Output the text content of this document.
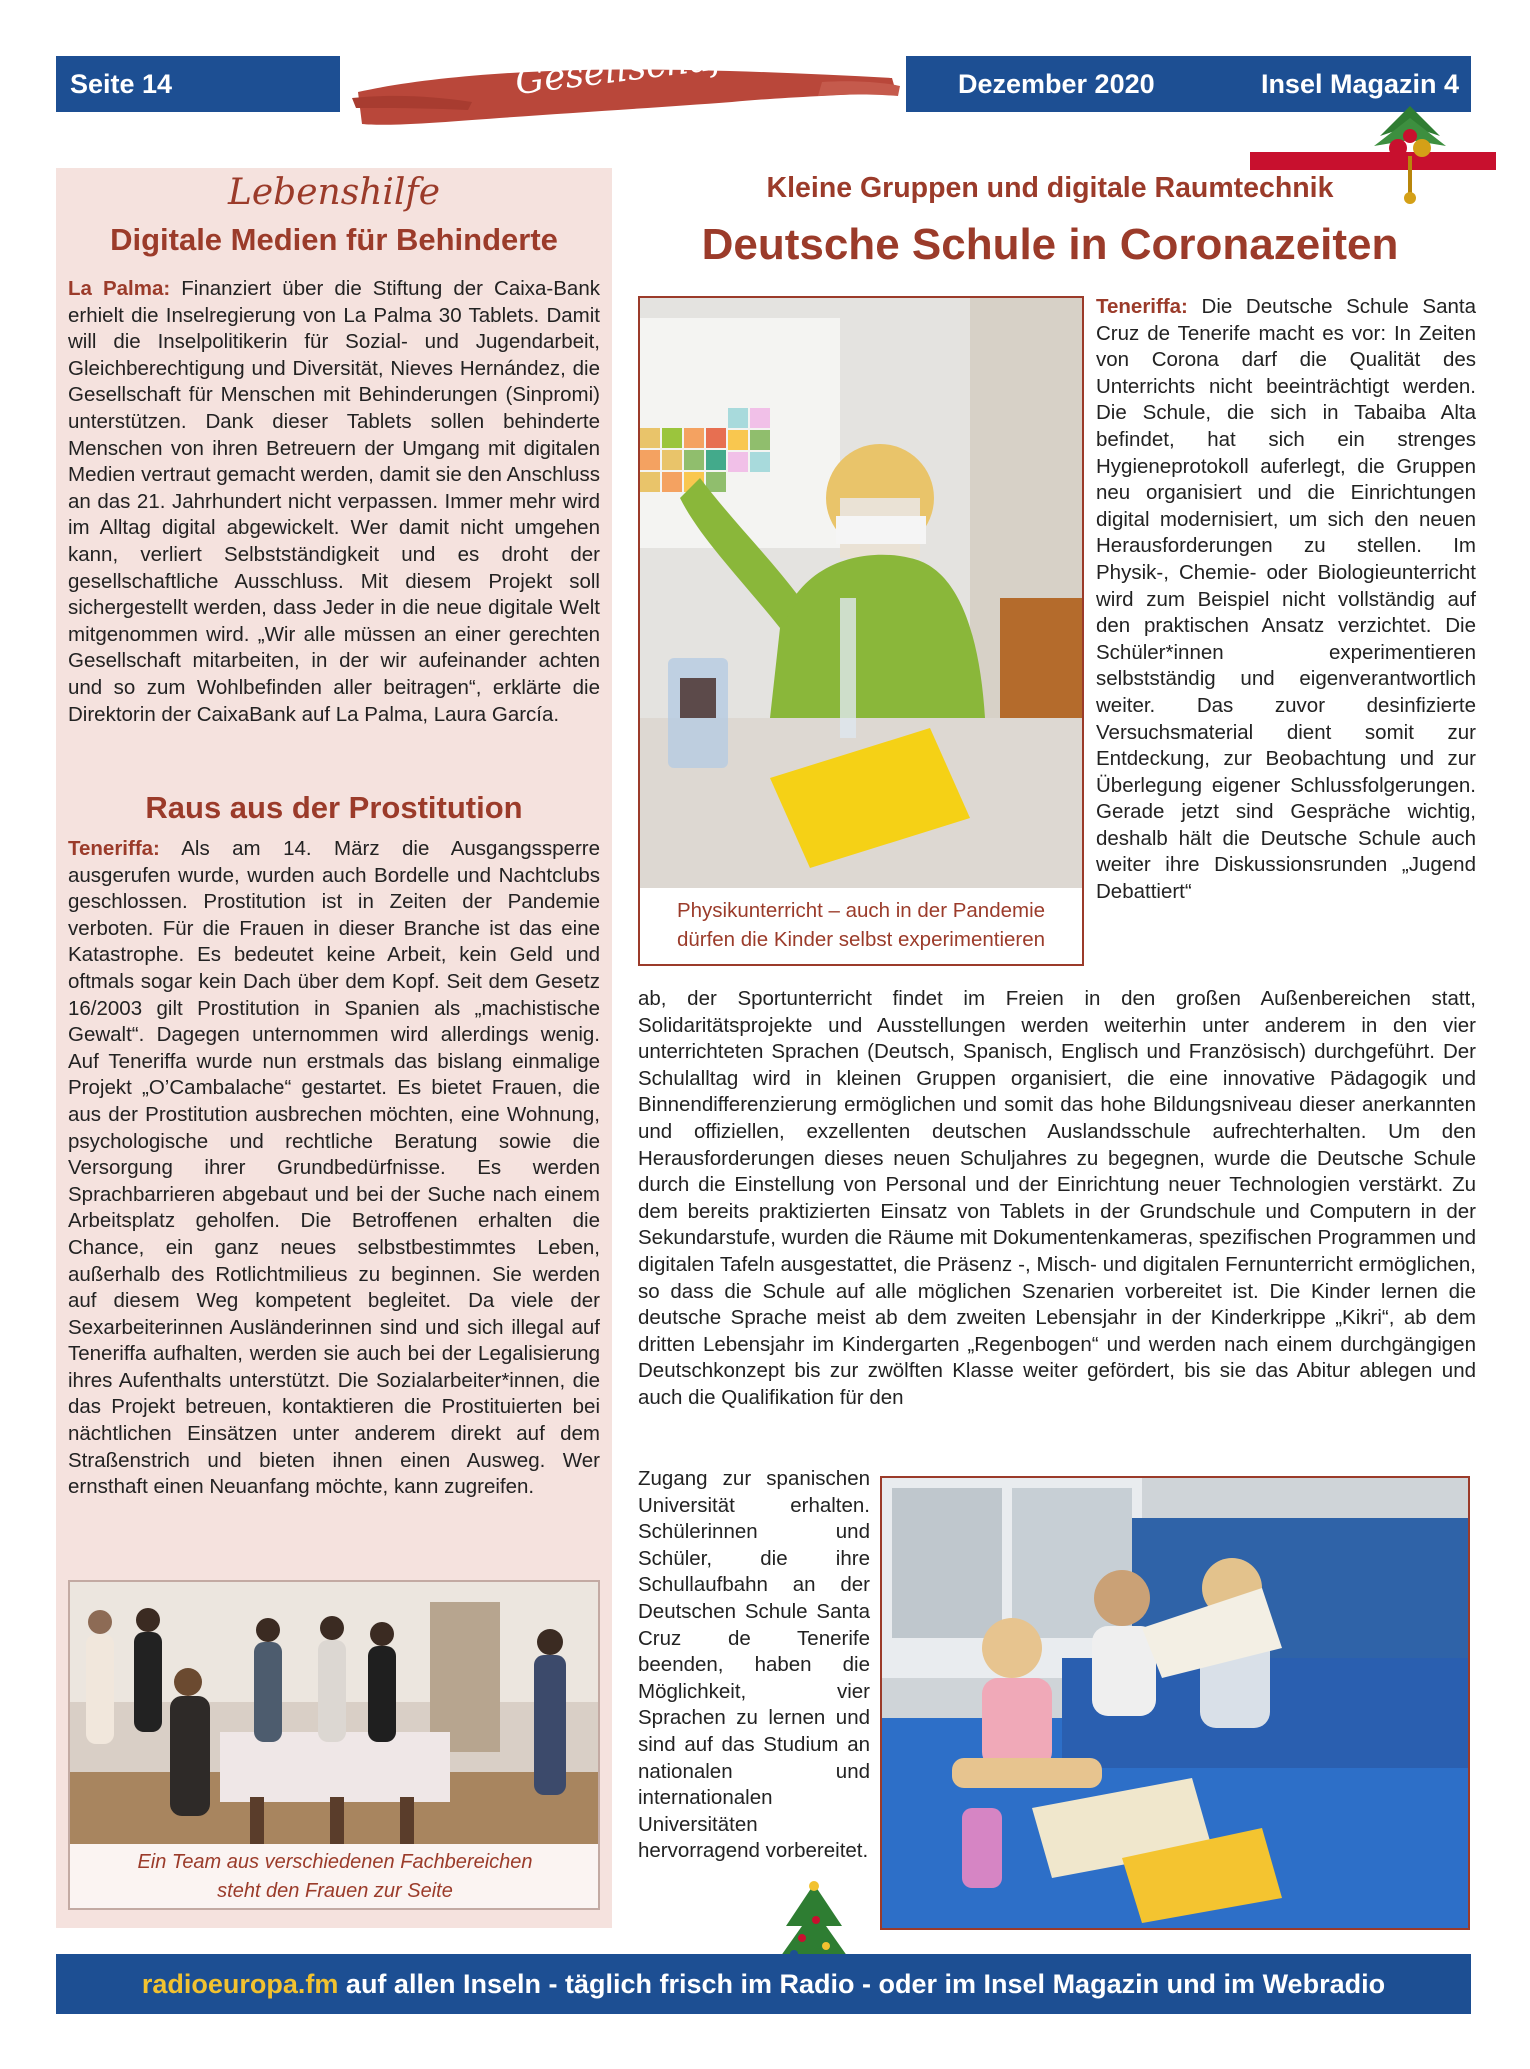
Seite 14	Gesellschaft	Dezember 2020	Insel Magazin 4
Lebenshilfe
Digitale Medien für Behinderte
La Palma: Finanziert über die Stiftung der Caixa-Bank erhielt die Inselregierung von La Palma 30 Tablets. Damit will die Inselpolitikerin für Sozial- und Jugendarbeit, Gleichberechtigung und Diversität, Nieves Hernández, die Gesellschaft für Menschen mit Behinderungen (Sinpromi) unterstützen. Dank dieser Tablets sollen behinderte Menschen von ihren Betreuern der Umgang mit digitalen Medien vertraut gemacht werden, damit sie den Anschluss an das 21. Jahrhundert nicht verpassen. Immer mehr wird im Alltag digital abgewickelt. Wer damit nicht umgehen kann, verliert Selbstständigkeit und es droht der gesellschaftliche Ausschluss. Mit diesem Projekt soll sichergestellt werden, dass Jeder in die neue digitale Welt mitgenommen wird. „Wir alle müssen an einer gerechten Gesellschaft mitarbeiten, in der wir aufeinander achten und so zum Wohlbefinden aller beitragen“, erklärte die Direktorin der CaixaBank auf La Palma, Laura García.
Raus aus der Prostitution
Teneriffa: Als am 14. März die Ausgangssperre ausgerufen wurde, wurden auch Bordelle und Nachtclubs geschlossen. Prostitution ist in Zeiten der Pandemie verboten. Für die Frauen in dieser Branche ist das eine Katastrophe. Es bedeutet keine Arbeit, kein Geld und oftmals sogar kein Dach über dem Kopf. Seit dem Gesetz 16/2003 gilt Prostitution in Spanien als „machistische Gewalt“. Dagegen unternommen wird allerdings wenig. Auf Teneriffa wurde nun erstmals das bislang einmalige Projekt „O’Cambalache“ gestartet. Es bietet Frauen, die aus der Prostitution ausbrechen möchten, eine Wohnung, psychologische und rechtliche Beratung sowie die Versorgung ihrer Grundbedürfnisse. Es werden Sprachbarrieren abgebaut und bei der Suche nach einem Arbeitsplatz geholfen. Die Betroffenen erhalten die Chance, ein ganz neues selbstbestimmtes Leben, außerhalb des Rotlichtmilieus zu beginnen. Sie werden auf diesem Weg kompetent begleitet. Da viele der Sexarbeiterinnen Ausländerinnen sind und sich illegal auf Teneriffa aufhalten, werden sie auch bei der Legalisierung ihres Aufenthalts unterstützt. Die Sozialarbeiter*innen, die das Projekt betreuen, kontaktieren die Prostituierten bei nächtlichen Einsätzen unter anderem direkt auf dem Straßenstrich und bieten ihnen einen Ausweg. Wer ernsthaft einen Neuanfang möchte, kann zugreifen.
Ein Team aus verschiedenen Fachbereichen
steht den Frauen zur Seite
Kleine Gruppen und digitale Raumtechnik
Deutsche Schule in Coronazeiten
Physikunterricht – auch in der Pandemie
dürfen die Kinder selbst experimentieren
Teneriffa: Die Deutsche Schule Santa Cruz de Tenerife macht es vor: In Zeiten von Corona darf die Qualität des Unterrichts nicht beeinträchtigt werden. Die Schule, die sich in Tabaiba Alta befindet, hat sich ein strenges Hygieneprotokoll auferlegt, die Gruppen neu organisiert und die Einrichtungen digital modernisiert, um sich den neuen Herausforderungen zu stellen. Im Physik-, Chemie- oder Biologieunterricht wird zum Beispiel nicht vollständig auf den praktischen Ansatz verzichtet. Die Schüler*innen experimentieren selbstständig und eigenverantwortlich weiter. Das zuvor desinfizierte Versuchsmaterial dient somit zur Entdeckung, zur Beobachtung und zur Überlegung eigener Schlussfolgerungen. Gerade jetzt sind Gespräche wichtig, deshalb hält die Deutsche Schule auch weiter ihre Diskussionsrunden „Jugend Debattiert“
ab, der Sportunterricht findet im Freien in den großen Außenbereichen statt, Solidaritätsprojekte und Ausstellungen werden weiterhin unter anderem in den vier unterrichteten Sprachen (Deutsch, Spanisch, Englisch und Französisch) durchgeführt. Der Schulalltag wird in kleinen Gruppen organisiert, die eine innovative Pädagogik und Binnendifferenzierung ermöglichen und somit das hohe Bildungsniveau dieser anerkannten und offiziellen, exzellenten deutschen Auslandsschule aufrechterhalten. Um den Herausforderungen dieses neuen Schuljahres zu begegnen, wurde die Deutsche Schule durch die Einstellung von Personal und der Einrichtung neuer Technologien verstärkt. Zu dem bereits praktizierten Einsatz von Tablets in der Grundschule und Computern in der Sekundarstufe, wurden die Räume mit Dokumentenkameras, spezifischen Programmen und digitalen Tafeln ausgestattet, die Präsenz -, Misch- und digitalen Fernunterricht ermöglichen, so dass die Schule auf alle möglichen Szenarien vorbereitet ist. Die Kinder lernen die deutsche Sprache meist ab dem zweiten Lebensjahr in der Kinderkrippe „Kikri“, ab dem dritten Lebensjahr im Kindergarten „Regenbogen“ und werden nach einem durchgängigen Deutschkonzept bis zur zwölften Klasse weiter gefördert, bis sie das Abitur ablegen und auch die Qualifikation für den
Zugang zur spanischen Universität erhalten. Schülerinnen und Schüler, die ihre Schullaufbahn an der Deutschen Schule Santa Cruz de Tenerife beenden, haben die Möglichkeit, vier Sprachen zu lernen und sind auf das Studium an nationalen und internationalen Universitäten hervorragend vorbereitet.
radioeuropa.fm auf allen Inseln - täglich frisch im Radio - oder im Insel Magazin und im Webradio
